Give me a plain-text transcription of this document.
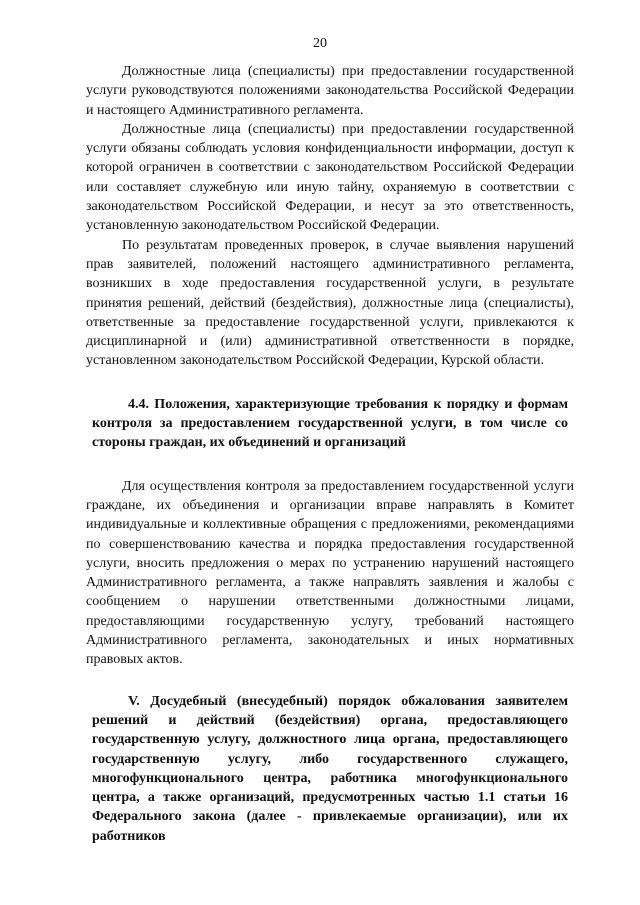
20

Должностные лица (специалисты) при предоставлении государственной услуги руководствуются положениями законодательства Российской Федерации и настоящего Административного регламента.

Должностные лица (специалисты) при предоставлении государственной услуги обязаны соблюдать условия конфиденциальности информации, доступ к которой ограничен в соответствии с законодательством Российской Федерации или составляет служебную или иную тайну, охраняемую в соответствии с законодательством Российской Федерации, и несут за это ответственность, установленную законодательством Российской Федерации.

По результатам проведенных проверок, в случае выявления нарушений прав заявителей, положений настоящего административного регламента, возникших в ходе предоставления государственной услуги, в результате принятия решений, действий (бездействия), должностные лица (специалисты), ответственные за предоставление государственной услуги, привлекаются к дисциплинарной и (или) административной ответственности в порядке, установленном законодательством Российской Федерации, Курской области.

4.4. Положения, характеризующие требования к порядку и формам контроля за предоставлением государственной услуги, в том числе со стороны граждан, их объединений и организаций

Для осуществления контроля за предоставлением государственной услуги граждане, их объединения и организации вправе направлять в Комитет индивидуальные и коллективные обращения с предложениями, рекомендациями по совершенствованию качества и порядка предоставления государственной услуги, вносить предложения о мерах по устранению нарушений настоящего Административного регламента, а также направлять заявления и жалобы с сообщением о нарушении ответственными должностными лицами, предоставляющими государственную услугу, требований настоящего Административного регламента, законодательных и иных нормативных правовых актов.

V. Досудебный (внесудебный) порядок обжалования заявителем решений и действий (бездействия) органа, предоставляющего государственную услугу, должностного лица органа, предоставляющего государственную услугу, либо государственного служащего, многофункционального центра, работника многофункционального центра, а также организаций, предусмотренных частью 1.1 статьи 16 Федерального закона (далее - привлекаемые организации), или их работников
